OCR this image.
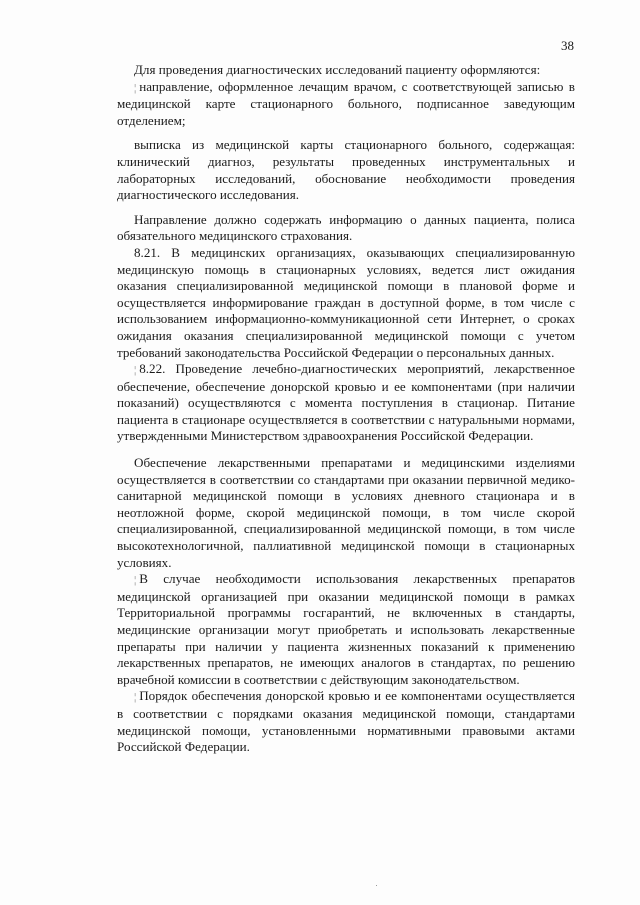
38

Для проведения диагностических исследований пациенту оформляются:

¦ направление, оформленное лечащим врачом, с соответствующей записью в медицинской карте стационарного больного, подписанное заведующим отделением;

выписка из медицинской карты стационарного больного, содержащая: клинический диагноз, результаты проведенных инструментальных и лабораторных исследований, обоснование необходимости проведения диагностического исследования.

Направление должно содержать информацию о данных пациента, полиса обязательного медицинского страхования.

8.21. В медицинских организациях, оказывающих специализированную медицинскую помощь в стационарных условиях, ведется лист ожидания оказания специализированной медицинской помощи в плановой форме и осуществляется информирование граждан в доступной форме, в том числе с использованием информационно-коммуникационной сети Интернет, о сроках ожидания оказания специализированной медицинской помощи с учетом требований законодательства Российской Федерации о персональных данных.

¦ 8.22. Проведение лечебно-диагностических мероприятий, лекарственное обеспечение, обеспечение донорской кровью и ее компонентами (при наличии показаний) осуществляются с момента поступления в стационар. Питание пациента в стационаре осуществляется в соответствии с натуральными нормами, утвержденными Министерством здравоохранения Российской Федерации.

Обеспечение лекарственными препаратами и медицинскими изделиями осуществляется в соответствии со стандартами при оказании первичной медико-санитарной медицинской помощи в условиях дневного стационара и в неотложной форме, скорой медицинской помощи, в том числе скорой специализированной, специализированной медицинской помощи, в том числе высокотехнологичной, паллиативной медицинской помощи в стационарных условиях.

¦ В случае необходимости использования лекарственных препаратов медицинской организацией при оказании медицинской помощи в рамках Территориальной программы госгарантий, не включенных в стандарты, медицинские организации могут приобретать и использовать лекарственные препараты при наличии у пациента жизненных показаний к применению лекарственных препаратов, не имеющих аналогов в стандартах, по решению врачебной комиссии в соответствии с действующим законодательством.

¦ Порядок обеспечения донорской кровью и ее компонентами осуществляется в соответствии с порядками оказания медицинской помощи, стандартами медицинской помощи, установленными нормативными правовыми актами Российской Федерации.
